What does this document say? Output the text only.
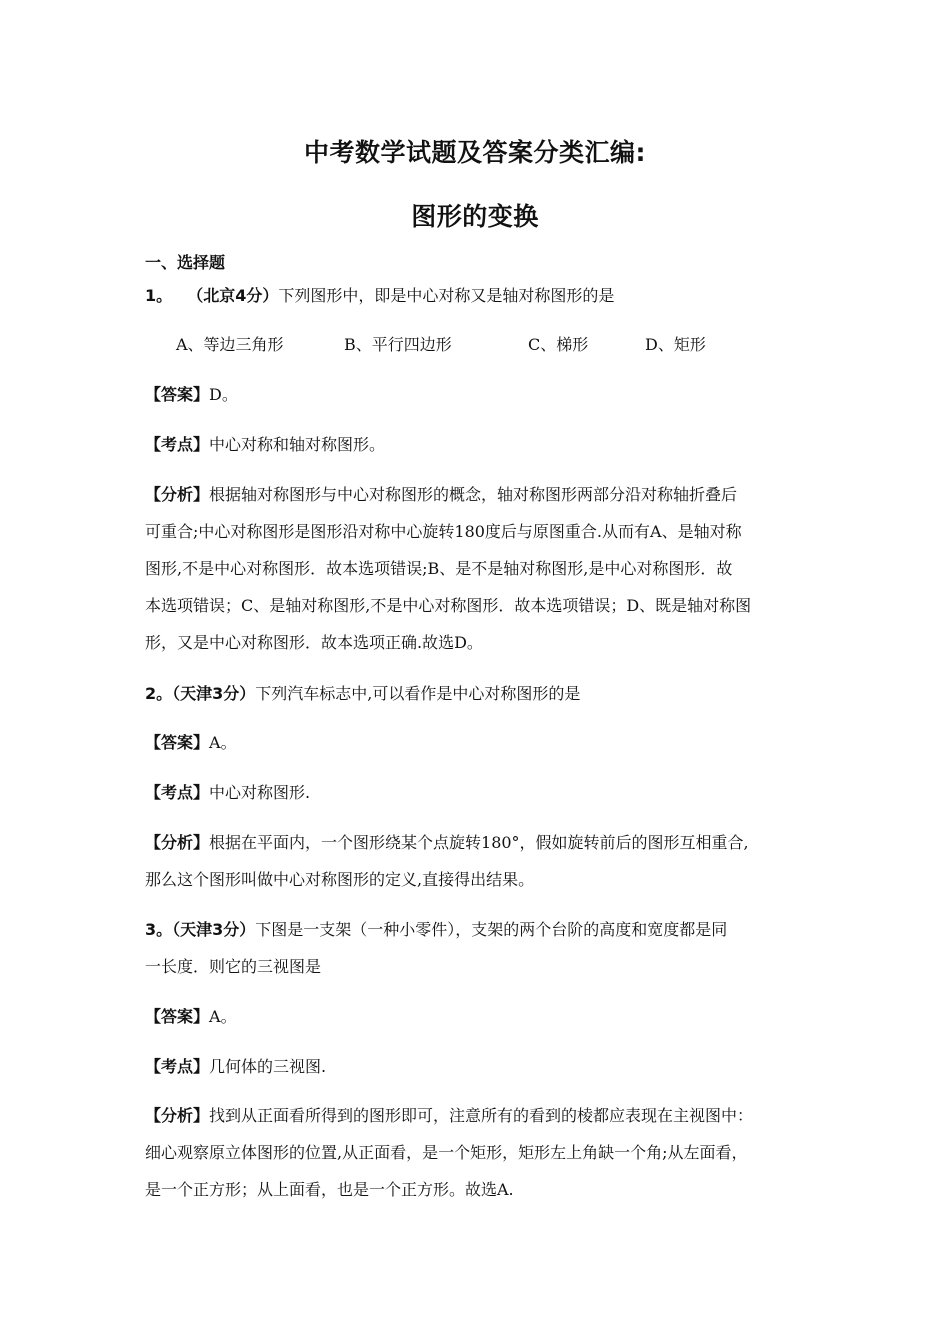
中考数学试题及答案分类汇编:
图形的变换
一、选择题
1。 （北京4分）下列图形中，即是中心对称又是轴对称图形的是
A、等边三角形	B、平行四边形	C、梯形	D、矩形
【答案】D。
【考点】中心对称和轴对称图形。
【分析】根据轴对称图形与中心对称图形的概念，轴对称图形两部分沿对称轴折叠后
可重合;中心对称图形是图形沿对称中心旋转180度后与原图重合.从而有A、是轴对称
图形,不是中心对称图形．故本选项错误;B、是不是轴对称图形,是中心对称图形．故
本选项错误；C、是轴对称图形,不是中心对称图形．故本选项错误；D、既是轴对称图
形，又是中心对称图形．故本选项正确.故选D。
2。（天津3分）下列汽车标志中,可以看作是中心对称图形的是
【答案】A。
【考点】中心对称图形.
【分析】根据在平面内，一个图形绕某个点旋转180°，假如旋转前后的图形互相重合,
那么这个图形叫做中心对称图形的定义,直接得出结果。
3。（天津3分）下图是一支架（一种小零件），支架的两个台阶的高度和宽度都是同
一长度．则它的三视图是
【答案】A。
【考点】几何体的三视图.
【分析】找到从正面看所得到的图形即可，注意所有的看到的棱都应表现在主视图中：
细心观察原立体图形的位置,从正面看，是一个矩形，矩形左上角缺一个角;从左面看，
是一个正方形；从上面看，也是一个正方形。故选A.
